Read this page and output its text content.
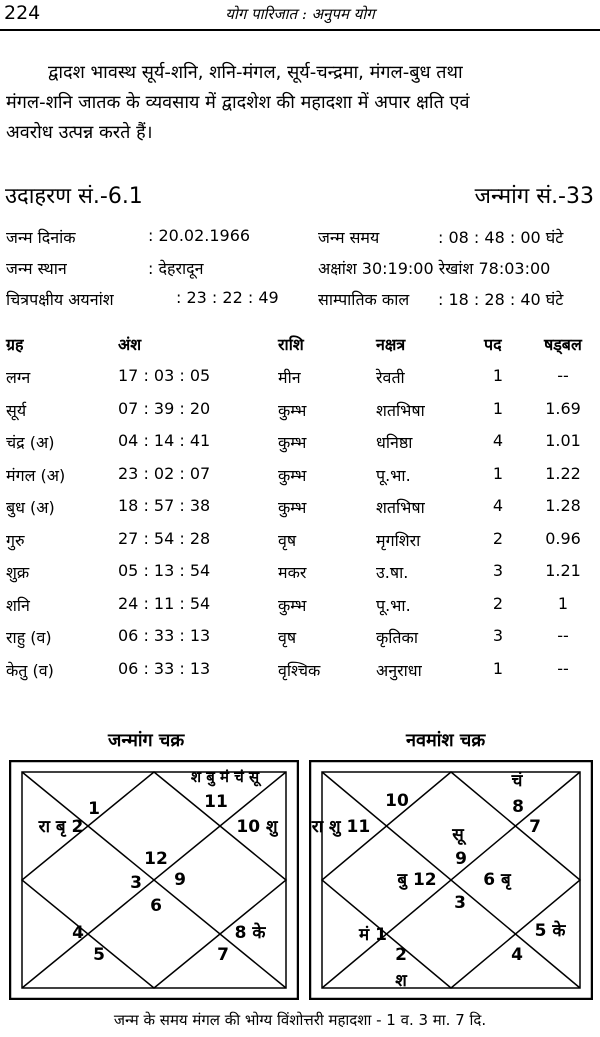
224	योग पारिजात : अनुपम योग
द्वादश भावस्थ सूर्य-शनि, शनि-मंगल, सूर्य-चन्द्रमा, मंगल-बुध तथा
मंगल-शनि जातक के व्यवसाय में द्वादशेश की महादशा में अपार क्षति एवं
अवरोध उत्पन्न करते हैं।
उदाहरण सं.-6.1	जन्मांग सं.-33
जन्म दिनांक	: 20.02.1966	जन्म समय	: 08 : 48 : 00 घंटे
जन्म स्थान	: देहरादून	अक्षांश 30:19:00 रेखांश 78:03:00
चित्रपक्षीय अयनांश	: 23 : 22 : 49 साम्पातिक काल : 18 : 28 : 40 घंटे
ग्रह	अंश	राशि	नक्षत्र	पद	षड्बल
लग्न	17 : 03 : 05	मीन	रेवती	1	--
सूर्य	07 : 39 : 20	कुम्भ	शतभिषा	1	1.69
चंद्र (अ)	04 : 14 : 41	कुम्भ	धनिष्ठा	4	1.01
मंगल (अ)	23 : 02 : 07	कुम्भ	पू.भा.	1	1.22
बुध (अ)	18 : 57 : 38	कुम्भ	शतभिषा	4	1.28
गुरु	27 : 54 : 28	वृष	मृगशिरा	2	0.96
शुक्र	05 : 13 : 54	मकर	उ.षा.	3	1.21
शनि	24 : 11 : 54	कुम्भ	पू.भा.	2	1
राहु (व)	06 : 33 : 13	वृष	कृतिका	3	--
केतु (व)	06 : 33 : 13	वृश्चिक	अनुराधा	1	--
जन्मांग चक्र	नवमांश चक्र
श बु मं चं सू
11
1
रा बृ 2	10 शु
12
3 9
6
4	8 के
5	7
चं
8
10
रा शु 11	7
सू
9
बु 12	6 बृ
3
मं 1	5 के
2	4
श
जन्म के समय मंगल की भोग्य विंशोत्तरी महादशा - 1 व. 3 मा. 7 दि.
